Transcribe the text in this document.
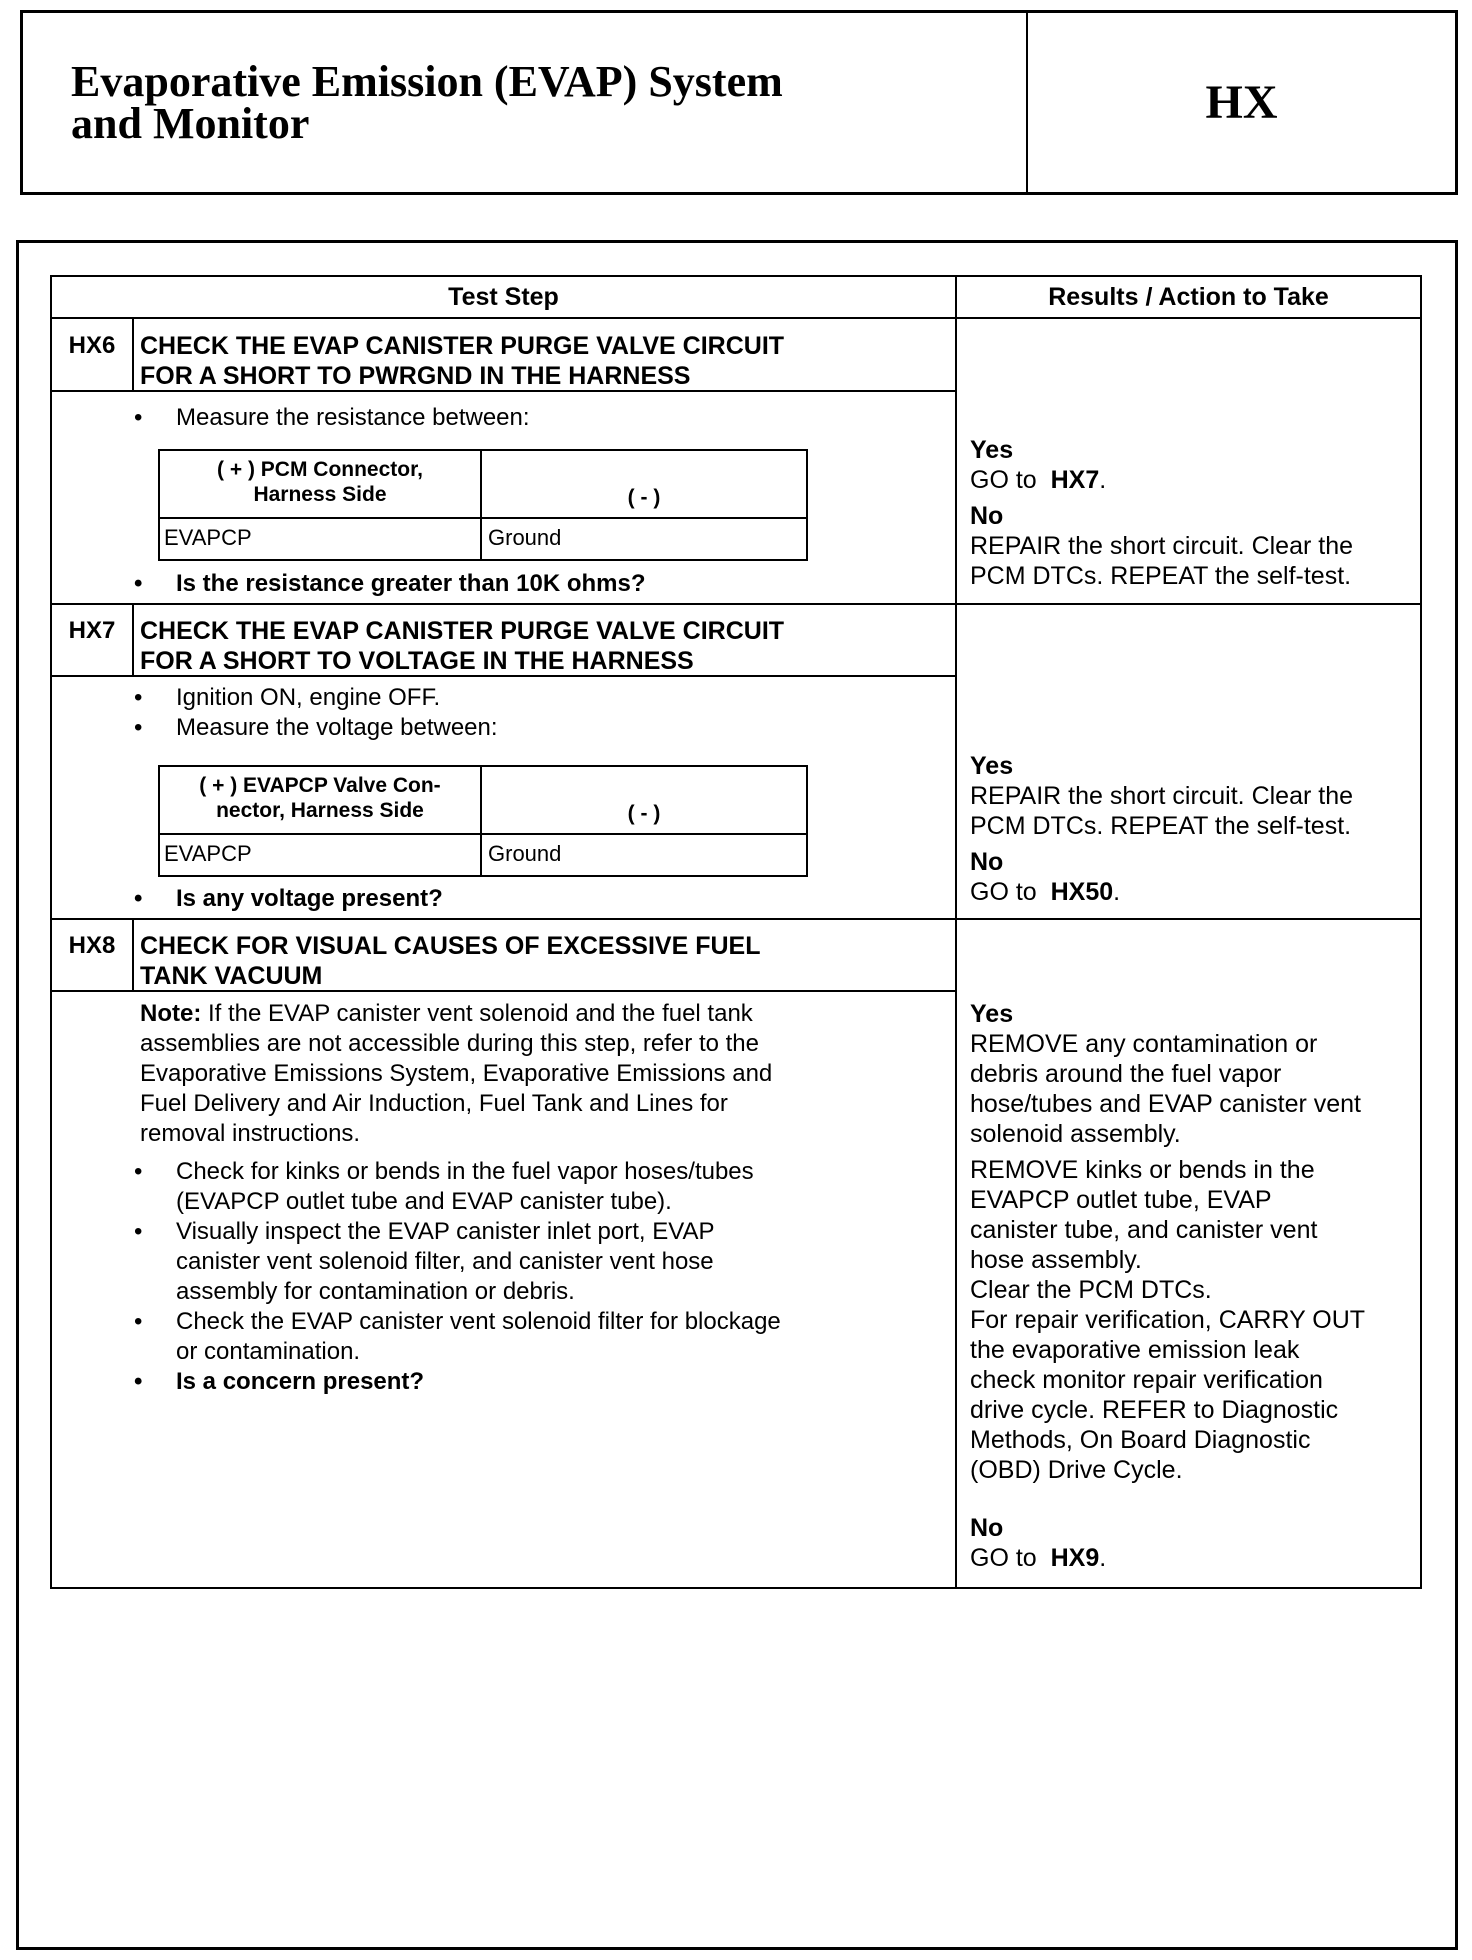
Evaporative Emission (EVAP) System
and Monitor	HX
Test Step	Results / Action to Take
HX6 CHECK THE EVAP CANISTER PURGE VALVE CIRCUIT
FOR A SHORT TO PWRGND IN THE HARNESS
• Measure the resistance between:
( + ) PCM Connector,
Harness Side	( - )
EVAPCP	Ground
• Is the resistance greater than 10K ohms?
Yes
GO to HX7.
No
REPAIR the short circuit. Clear the
PCM DTCs. REPEAT the self-test.
HX7 CHECK THE EVAP CANISTER PURGE VALVE CIRCUIT
FOR A SHORT TO VOLTAGE IN THE HARNESS
• Ignition ON, engine OFF.
• Measure the voltage between:
( + ) EVAPCP Valve Con-
nector, Harness Side	( - )
EVAPCP	Ground
• Is any voltage present?
Yes
REPAIR the short circuit. Clear the
PCM DTCs. REPEAT the self-test.
No
GO to HX50.
HX8 CHECK FOR VISUAL CAUSES OF EXCESSIVE FUEL
TANK VACUUM
Note: If the EVAP canister vent solenoid and the fuel tank
assemblies are not accessible during this step, refer to the
Evaporative Emissions System, Evaporative Emissions and
Fuel Delivery and Air Induction, Fuel Tank and Lines for
removal instructions.
• Check for kinks or bends in the fuel vapor hoses/tubes
(EVAPCP outlet tube and EVAP canister tube).
• Visually inspect the EVAP canister inlet port, EVAP
canister vent solenoid filter, and canister vent hose
assembly for contamination or debris.
• Check the EVAP canister vent solenoid filter for blockage
or contamination.
• Is a concern present?
Yes
REMOVE any contamination or
debris around the fuel vapor
hose/tubes and EVAP canister vent
solenoid assembly.
REMOVE kinks or bends in the
EVAPCP outlet tube, EVAP
canister tube, and canister vent
hose assembly.
Clear the PCM DTCs.
For repair verification, CARRY OUT
the evaporative emission leak
check monitor repair verification
drive cycle. REFER to Diagnostic
Methods, On Board Diagnostic
(OBD) Drive Cycle.
No
GO to HX9.
